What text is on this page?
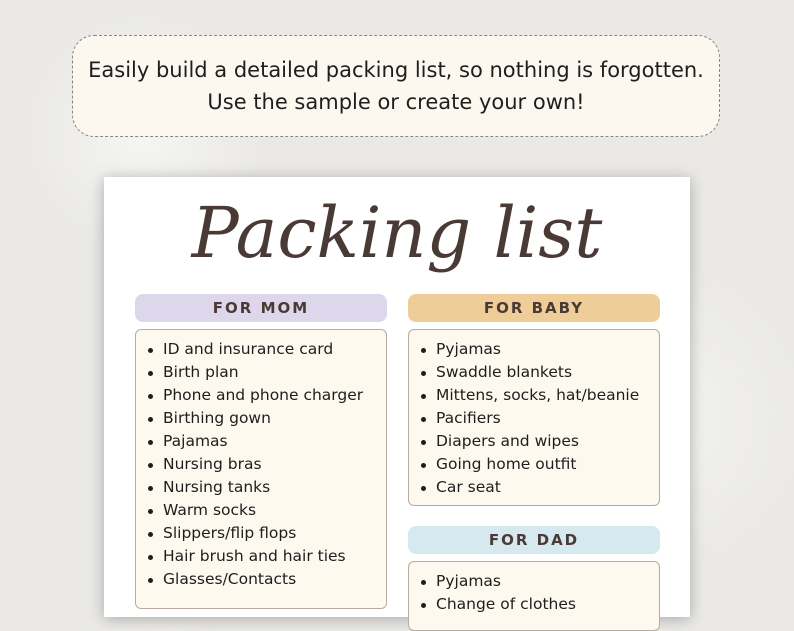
Easily build a detailed packing list, so nothing is forgotten.
Use the sample or create your own!
Packing list
FOR MOM
ID and insurance card
Birth plan
Phone and phone charger
Birthing gown
Pajamas
Nursing bras
Nursing tanks
Warm socks
Slippers/flip flops
Hair brush and hair ties
Glasses/Contacts
FOR BABY
Pyjamas
Swaddle blankets
Mittens, socks, hat/beanie
Pacifiers
Diapers and wipes
Going home outfit
Car seat
FOR DAD
Pyjamas
Change of clothes
